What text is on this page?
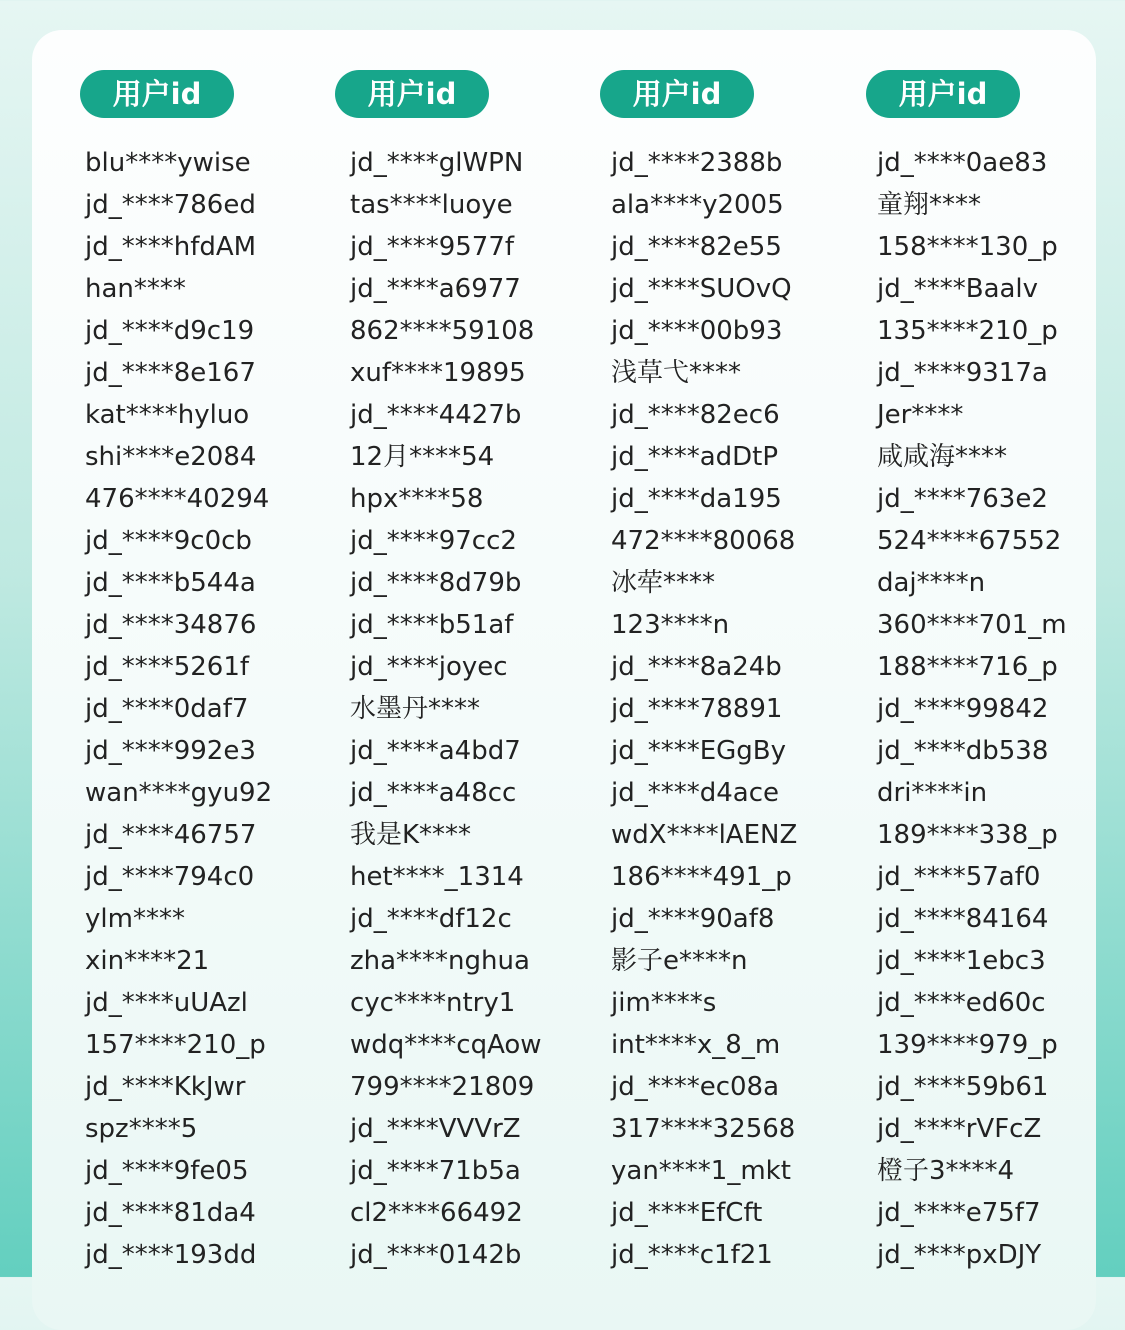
用户id
blu****ywise
jd_****786ed
jd_****hfdAM
han****
jd_****d9c19
jd_****8e167
kat****hyluo
shi****e2084
476****40294
jd_****9c0cb
jd_****b544a
jd_****34876
jd_****5261f
jd_****0daf7
jd_****992e3
wan****gyu92
jd_****46757
jd_****794c0
ylm****
xin****21
jd_****uUAzl
157****210_p
jd_****KkJwr
spz****5
jd_****9fe05
jd_****81da4
jd_****193dd
用户id
jd_****glWPN
tas****luoye
jd_****9577f
jd_****a6977
862****59108
xuf****19895
jd_****4427b
12月****54
hpx****58
jd_****97cc2
jd_****8d79b
jd_****b51af
jd_****joyec
水墨丹****
jd_****a4bd7
jd_****a48cc
我是K****
het****_1314
jd_****df12c
zha****nghua
cyc****ntry1
wdq****cqAow
799****21809
jd_****VVVrZ
jd_****71b5a
cl2****66492
jd_****0142b
用户id
jd_****2388b
ala****y2005
jd_****82e55
jd_****SUOvQ
jd_****00b93
浅草弋****
jd_****82ec6
jd_****adDtP
jd_****da195
472****80068
冰荦****
123****n
jd_****8a24b
jd_****78891
jd_****EGgBy
jd_****d4ace
wdX****lAENZ
186****491_p
jd_****90af8
影子e****n
jim****s
int****x_8_m
jd_****ec08a
317****32568
yan****1_mkt
jd_****EfCft
jd_****c1f21
用户id
jd_****0ae83
童翔****
158****130_p
jd_****Baalv
135****210_p
jd_****9317a
Jer****
咸咸海****
jd_****763e2
524****67552
daj****n
360****701_m
188****716_p
jd_****99842
jd_****db538
dri****in
189****338_p
jd_****57af0
jd_****84164
jd_****1ebc3
jd_****ed60c
139****979_p
jd_****59b61
jd_****rVFcZ
橙子3****4
jd_****e75f7
jd_****pxDJY
